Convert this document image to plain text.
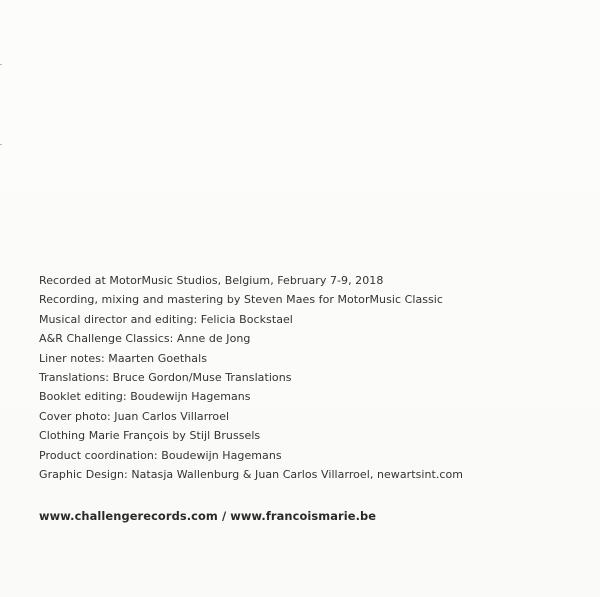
Recorded at MotorMusic Studios, Belgium, February 7-9, 2018
Recording, mixing and mastering by Steven Maes for MotorMusic Classic
Musical director and editing: Felicia Bockstael
A&R Challenge Classics: Anne de Jong
Liner notes: Maarten Goethals
Translations: Bruce Gordon/Muse Translations
Booklet editing: Boudewijn Hagemans
Cover photo: Juan Carlos Villarroel
Clothing Marie François by Stijl Brussels
Product coordination: Boudewijn Hagemans
Graphic Design: Natasja Wallenburg & Juan Carlos Villarroel, newartsint.com
www.challengerecords.com / www.francoismarie.be
